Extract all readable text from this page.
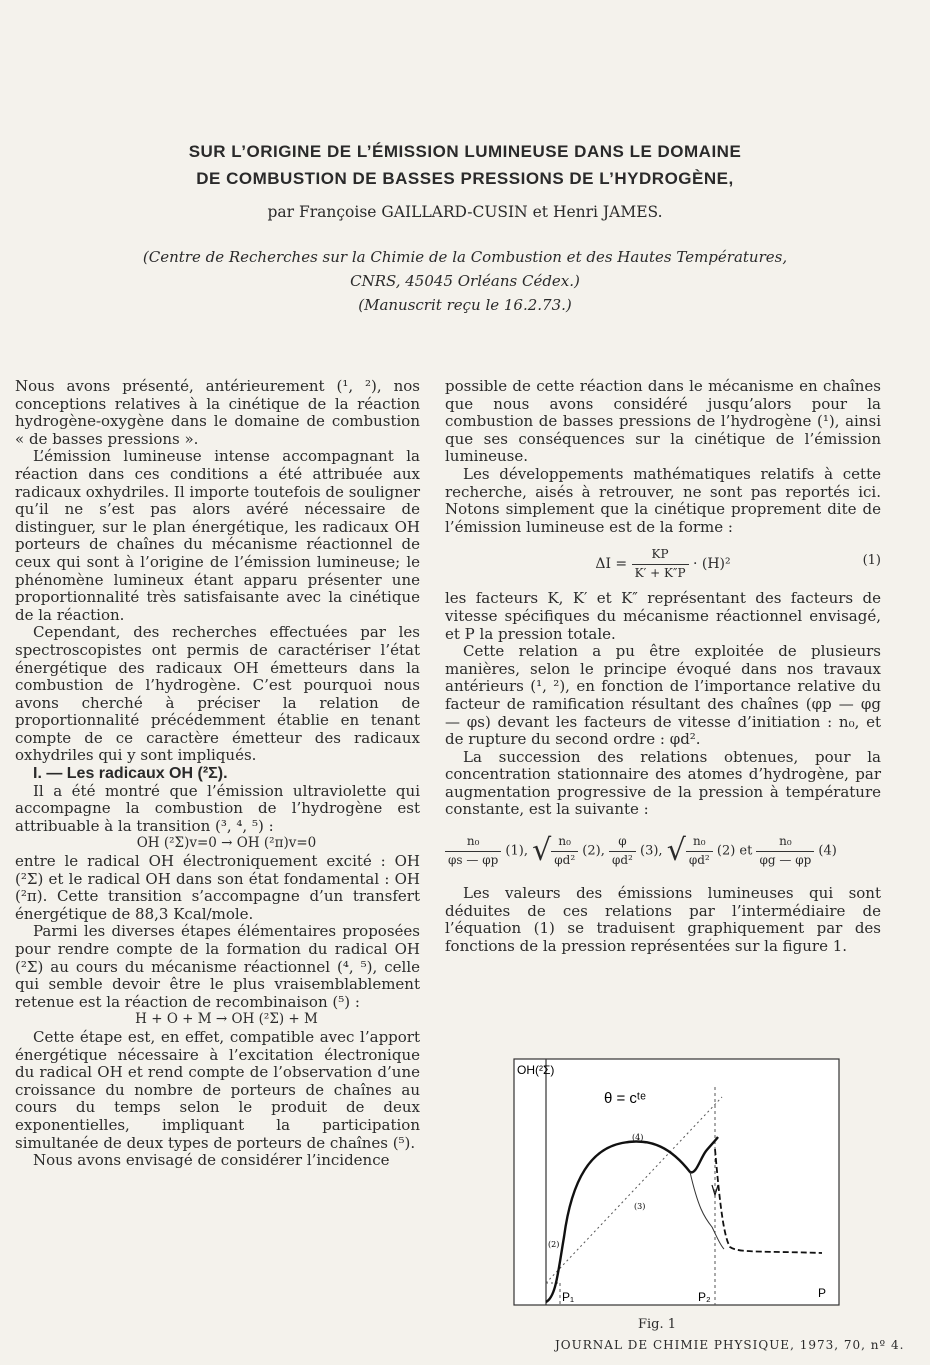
SUR L’ORIGINE DE L’ÉMISSION LUMINEUSE DANS LE DOMAINE
DE COMBUSTION DE BASSES PRESSIONS DE L’HYDROGÈNE,
par Françoise GAILLARD-CUSIN et Henri JAMES.
(Centre de Recherches sur la Chimie de la Combustion et des Hautes Températures,
CNRS, 45045 Orléans Cédex.)
(Manuscrit reçu le 16.2.73.)

Nous avons présenté, antérieurement (¹, ²), nos conceptions relatives à la cinétique de la réaction hydrogène-oxygène dans le domaine de combustion « de basses pressions ».

L’émission lumineuse intense accompagnant la réaction dans ces conditions a été attribuée aux radicaux oxhydriles. Il importe toutefois de souligner qu’il ne s’est pas alors avéré nécessaire de distinguer, sur le plan énergétique, les radicaux OH porteurs de chaînes du mécanisme réactionnel de ceux qui sont à l’origine de l’émission lumineuse; le phénomène lumineux étant apparu présenter une proportionnalité très satisfaisante avec la cinétique de la réaction.

Cependant, des recherches effectuées par les spectroscopistes ont permis de caractériser l’état énergétique des radicaux OH émetteurs dans la combustion de l’hydrogène. C’est pourquoi nous avons cherché à préciser la relation de proportionnalité précédemment établie en tenant compte de ce caractère émetteur des radicaux oxhydriles qui y sont impliqués.

I. — Les radicaux OH (²Σ).

Il a été montré que l’émission ultraviolette qui accompagne la combustion de l’hydrogène est attribuable à la transition (³, ⁴, ⁵) :

OH (²Σ)v=0 → OH (²π)v=0

entre le radical OH électroniquement excité : OH (²Σ) et le radical OH dans son état fondamental : OH (²π). Cette transition s’accompagne d’un transfert énergétique de 88,3 Kcal/mole.

Parmi les diverses étapes élémentaires proposées pour rendre compte de la formation du radical OH (²Σ) au cours du mécanisme réactionnel (⁴, ⁵), celle qui semble devoir être le plus vraisemblablement retenue est la réaction de recombinaison (⁵) :

H + O + M → OH (²Σ) + M

Cette étape est, en effet, compatible avec l’apport énergétique nécessaire à l’excitation électronique du radical OH et rend compte de l’observation d’une croissance du nombre de porteurs de chaînes au cours du temps selon le produit de deux exponentielles, impliquant la participation simultanée de deux types de porteurs de chaînes (⁵).

Nous avons envisagé de considérer l’incidence

possible de cette réaction dans le mécanisme en chaînes que nous avons considéré jusqu’alors pour la combustion de basses pressions de l’hydrogène (¹), ainsi que ses conséquences sur la cinétique de l’émission lumineuse.

Les développements mathématiques relatifs à cette recherche, aisés à retrouver, ne sont pas reportés ici. Notons simplement que la cinétique proprement dite de l’émission lumineuse est de la forme :

$\Delta I = \frac{KP}{K' + K''P} \cdot (H)^2$	(1)

les facteurs K, K′ et K″ représentant des facteurs de vitesse spécifiques du mécanisme réactionnel envisagé, et P la pression totale.

Cette relation a pu être exploitée de plusieurs manières, selon le principe évoqué dans nos travaux antérieurs (¹, ²), en fonction de l’importance relative du facteur de ramification résultant des chaînes (φp — φg — φs) devant les facteurs de vitesse d’initiation : n₀, et de rupture du second ordre : φd².

La succession des relations obtenues, pour la concentration stationnaire des atomes d’hydrogène, par augmentation progressive de la pression à température constante, est la suivante :

$\frac{\text{n₀}}{\varphi s — \varphi p} (1)$, √ $\frac{\text{n₀}}{\text{φd²}} (2)$, $\frac{\varphi}{\text{φd²}} (3)$, √ $\frac{\text{n₀}}{\text{φd²}} (2)$ et $\frac{\text{n₀}}{\varphi g — \varphi p} (4)$

Les valeurs des émissions lumineuses qui sont déduites de ces relations par l’intermédiaire de l’équation (1) se traduisent graphiquement par des fonctions de la pression représentées sur la figure 1.

OH(²Σ)
θ = cᵗᵉ
(4)
(3)
(2)
P₁	P₂	P
Fig. 1
JOURNAL DE CHIMIE PHYSIQUE, 1973, 70, nº 4.
